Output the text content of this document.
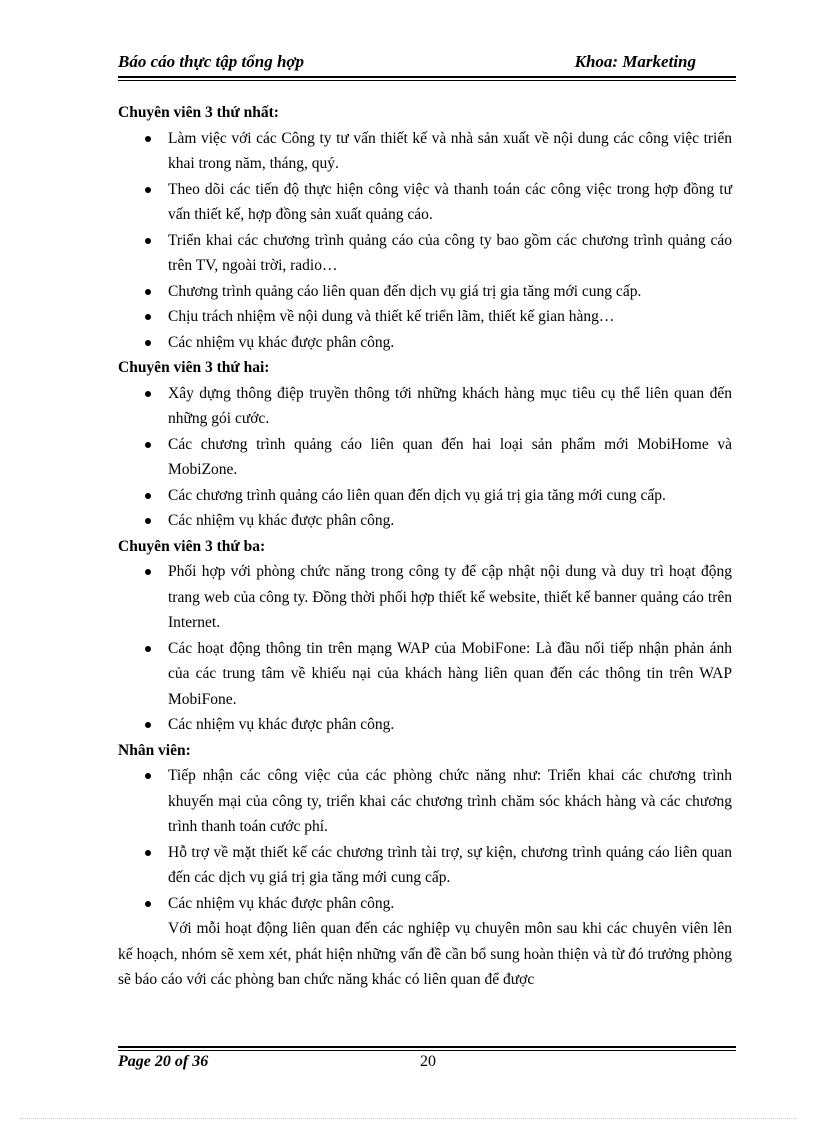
Báo cáo thực tập tổng hợp	Khoa: Marketing

Chuyên viên 3 thứ nhất:

Làm việc với các Công ty tư vấn thiết kế và nhà sản xuất về nội dung các công việc triển khai trong năm, tháng, quý.
Theo dõi các tiến độ thực hiện công việc và thanh toán các công việc trong hợp đồng tư vấn thiết kế, hợp đồng sản xuất quảng cáo.
Triển khai các chương trình quảng cáo của công ty bao gồm các chương trình quảng cáo trên TV, ngoài trời, radio…
Chương trình quảng cáo liên quan đến dịch vụ giá trị gia tăng mới cung cấp.
Chịu trách nhiệm về nội dung và thiết kế triển lãm, thiết kế gian hàng…
Các nhiệm vụ khác được phân công.

Chuyên viên 3 thứ hai:

Xây dựng thông điệp truyền thông tới những khách hàng mục tiêu cụ thể liên quan đến những gói cước.
Các chương trình quảng cáo liên quan đến hai loại sản phẩm mới MobiHome và MobiZone.
Các chương trình quảng cáo liên quan đến dịch vụ giá trị gia tăng mới cung cấp.
Các nhiệm vụ khác được phân công.

Chuyên viên 3 thứ ba:

Phối hợp với phòng chức năng trong công ty để cập nhật nội dung và duy trì hoạt động trang web của công ty. Đồng thời phối hợp thiết kế website, thiết kế banner quảng cáo trên Internet.
Các hoạt động thông tin trên mạng WAP của MobiFone: Là đầu nối tiếp nhận phản ánh của các trung tâm về khiếu nại của khách hàng liên quan đến các thông tin trên WAP MobiFone.
Các nhiệm vụ khác được phân công.

Nhân viên:

Tiếp nhận các công việc của các phòng chức năng như: Triển khai các chương trình khuyến mại của công ty, triển khai các chương trình chăm sóc khách hàng và các chương trình thanh toán cước phí.
Hỗ trợ về mặt thiết kế các chương trình tài trợ, sự kiện, chương trình quảng cáo liên quan đến các dịch vụ giá trị gia tăng mới cung cấp.
Các nhiệm vụ khác được phân công.

Với mỗi hoạt động liên quan đến các nghiệp vụ chuyên môn sau khi các chuyên viên lên kế hoạch, nhóm sẽ xem xét, phát hiện những vấn đề cần bổ sung hoàn thiện và từ đó trưởng phòng sẽ báo cáo với các phòng ban chức năng khác có liên quan để được

Page 20 of 36	20
